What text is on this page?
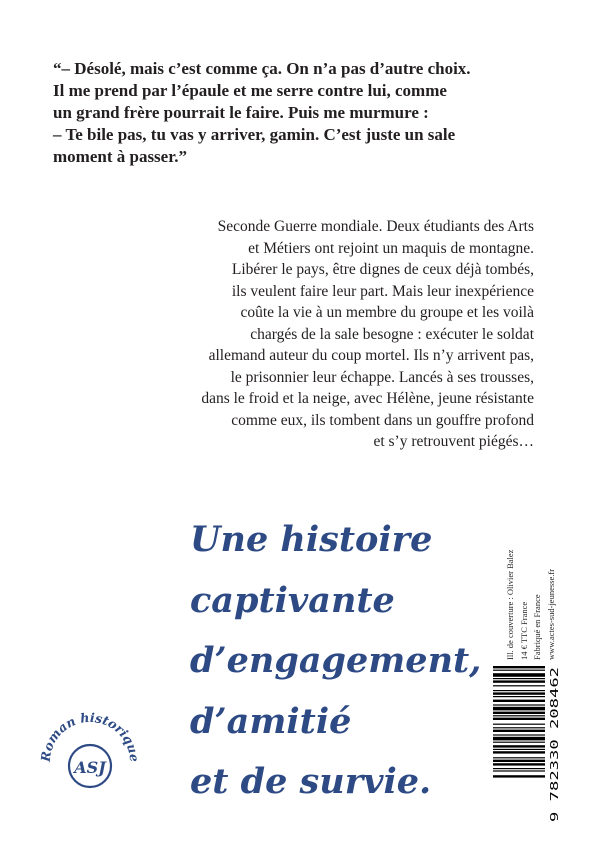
“– Désolé, mais c’est comme ça. On n’a pas d’autre choix.

Il me prend par l’épaule et me serre contre lui, comme

un grand frère pourrait le faire. Puis me murmure :

– Te bile pas, tu vas y arriver, gamin. C’est juste un sale

moment à passer.”

Seconde Guerre mondiale. Deux étudiants des Arts

et Métiers ont rejoint un maquis de montagne.

Libérer le pays, être dignes de ceux déjà tombés,

ils veulent faire leur part. Mais leur inexpérience

coûte la vie à un membre du groupe et les voilà

chargés de la sale besogne : exécuter le soldat

allemand auteur du coup mortel. Ils n’y arrivent pas,

le prisonnier leur échappe. Lancés à ses trousses,

dans le froid et la neige, avec Hélène, jeune résistante

comme eux, ils tombent dans un gouffre profond

et s’y retrouvent piégés…

Une histoire

captivante

d’engagement,

d’amitié

et de survie.

Roman historique
ASJ
Ill. de couverture : Olivier Balez 14 € TTC France Fabriqué en France www.actes-sud-jeunesse.fr
9 782330 208462
